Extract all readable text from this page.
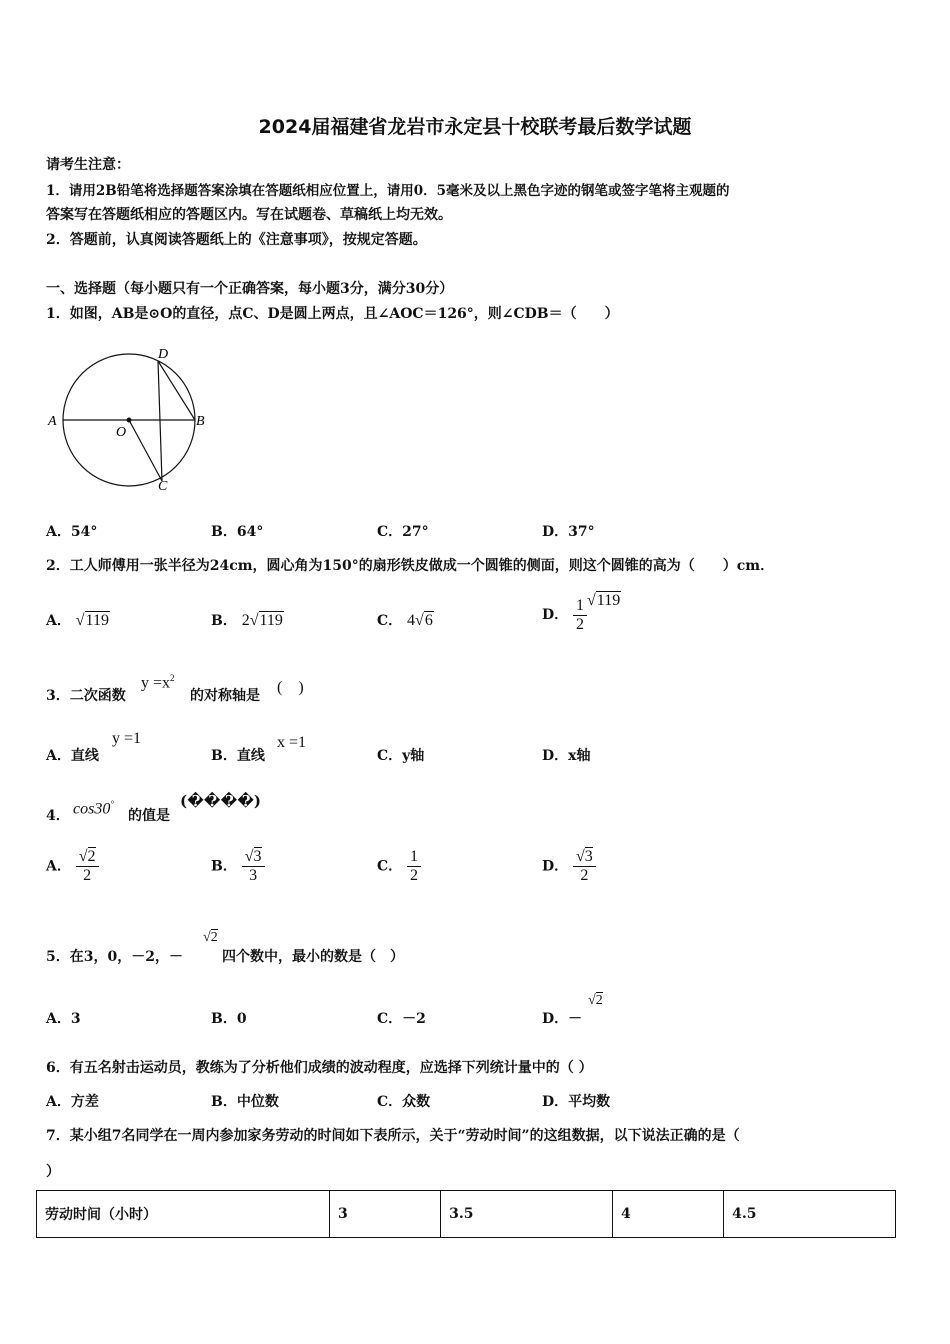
2024届福建省龙岩市永定县十校联考最后数学试题
请考生注意：
1．请用2B铅笔将选择题答案涂填在答题纸相应位置上，请用0．5毫米及以上黑色字迹的钢笔或签字笔将主观题的
答案写在答题纸相应的答题区内。写在试题卷、草稿纸上均无效。
2．答题前，认真阅读答题纸上的《注意事项》，按规定答题。
一、选择题（每小题只有一个正确答案，每小题3分，满分30分）
1．如图，AB是⊙O的直径，点C、D是圆上两点，且∠AOC＝126°，则∠CDB＝（　　）
A	B
C
D
O
A．54°	B．64°	C．27°	D．37°
2．工人师傅用一张半径为24cm，圆心角为150°的扇形铁皮做成一个圆锥的侧面，则这个圆锥的高为（　　）cm．
A． √119	B． 2√119	C． 4√6	D． $\frac{1}{2} √119$
3．二次函数
$y =x^2$
的对称轴是 (　)
A．直线
y =1
B．直线
x =1
C．y轴	D．x轴
4． cos30°
的值是
(����)
A． $\frac{√2}{2}$	B． $\frac{√3}{3}$	C． $\frac{1}{2}$	D． $\frac{√3}{2}$
5．在3，0，－2，－
√2
四个数中，最小的数是（　）
A．3	B．0	C．－2	D．－
√2
6．有五名射击运动员，教练为了分析他们成绩的波动程度，应选择下列统计量中的（ ）
A．方差	B．中位数	C．众数	D．平均数
7．某小组7名同学在一周内参加家务劳动的时间如下表所示，关于“劳动时间”的这组数据，以下说法正确的是（
）
劳动时间（小时）	3	3.5	4	4.5
